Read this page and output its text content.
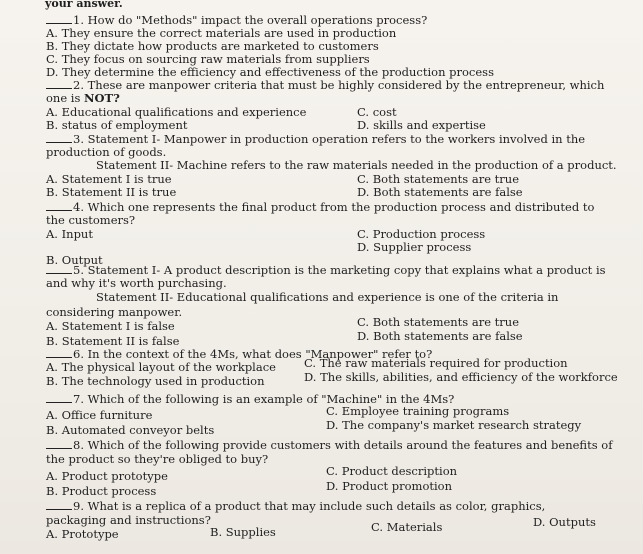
your answer.
1. How do "Methods" impact the overall operations process?
A. They ensure the correct materials are used in production
B. They dictate how products are marketed to customers
C. They focus on sourcing raw materials from suppliers
D. They determine the efficiency and effectiveness of the production process
2. These are manpower criteria that must be highly considered by the entrepreneur, which
one is NOT?
A. Educational qualifications and experience	C. cost
B. status of employment	D. skills and expertise
3. Statement I- Manpower in production operation refers to the workers involved in the
production of goods.
Statement II- Machine refers to the raw materials needed in the production of a product.
A. Statement I is true	C. Both statements are true
B. Statement II is true	D. Both statements are false
4. Which one represents the final product from the production process and distributed to
the customers?
A. Input	C. Production process
D. Supplier process
B. Output
5. Statement I- A product description is the marketing copy that explains what a product is
and why it's worth purchasing.
Statement II- Educational qualifications and experience is one of the criteria in
considering manpower.
A. Statement I is false	C. Both statements are true
B. Statement II is false	D. Both statements are false
6. In the context of the 4Ms, what does "Manpower" refer to?
A. The physical layout of the workplace C. The raw materials required for production
B. The technology used in production	D. The skills, abilities, and efficiency of the workforce
7. Which of the following is an example of "Machine" in the 4Ms?
A. Office furniture	C. Employee training programs
B. Automated conveyor belts	D. The company's market research strategy
8. Which of the following provide customers with details around the features and benefits of
the product so they're obliged to buy?
A. Product prototype	C. Product description
B. Product process	D. Product promotion
9. What is a replica of a product that may include such details as color, graphics,
packaging and instructions?
A. Prototype	B. Supplies	C. Materials	D. Outputs
